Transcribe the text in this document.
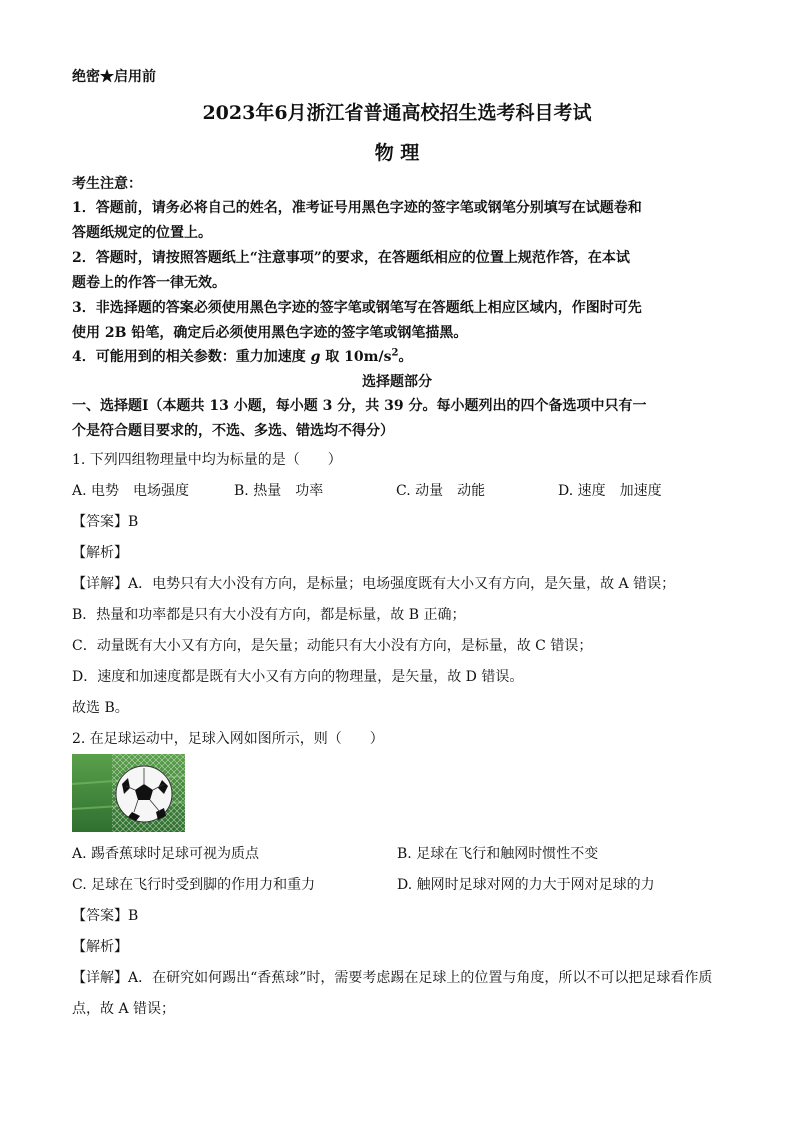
绝密★启用前
2023年6月浙江省普通高校招生选考科目考试
物 理
考生注意：
1．答题前，请务必将自己的姓名，准考证号用黑色字迹的签字笔或钢笔分别填写在试题卷和
答题纸规定的位置上。
2．答题时，请按照答题纸上“注意事项”的要求，在答题纸相应的位置上规范作答，在本试
题卷上的作答一律无效。
3．非选择题的答案必须使用黑色字迹的签字笔或钢笔写在答题纸上相应区域内，作图时可先
使用 2B 铅笔，确定后必须使用黑色字迹的签字笔或钢笔描黑。
4．可能用到的相关参数：重力加速度 g 取 $10m/s^2$。
选择题部分
一、选择题Ⅰ（本题共 13 小题，每小题 3 分，共 39 分。每小题列出的四个备选项中只有一
个是符合题目要求的，不选、多选、错选均不得分）
1. 下列四组物理量中均为标量的是（　　）
A. 电势　电场强度	B. 热量　功率	C. 动量　动能	D. 速度　加速度
【答案】B
【解析】
【详解】A．电势只有大小没有方向，是标量；电场强度既有大小又有方向，是矢量，故 A 错误；
B．热量和功率都是只有大小没有方向，都是标量，故 B 正确；
C．动量既有大小又有方向，是矢量；动能只有大小没有方向，是标量，故 C 错误；
D．速度和加速度都是既有大小又有方向的物理量，是矢量，故 D 错误。
故选 B。
2. 在足球运动中，足球入网如图所示，则（　　）
A. 踢香蕉球时足球可视为质点	B. 足球在飞行和触网时惯性不变
C. 足球在飞行时受到脚的作用力和重力	D. 触网时足球对网的力大于网对足球的力
【答案】B
【解析】
【详解】A．在研究如何踢出“香蕉球”时，需要考虑踢在足球上的位置与角度，所以不可以把足球看作质
点，故 A 错误；
